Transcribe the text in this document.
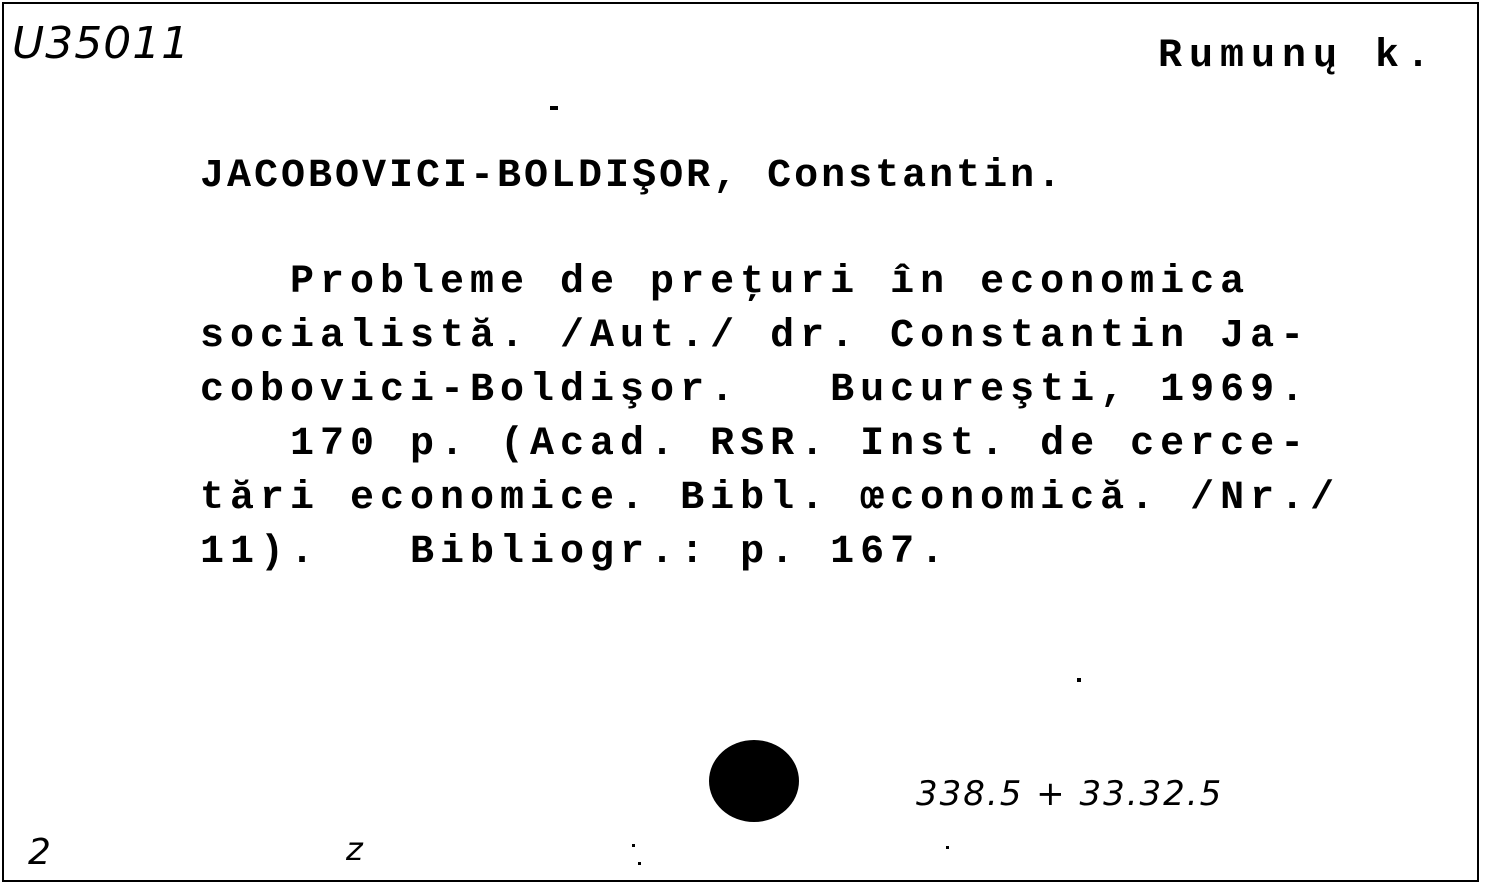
U35011	Rumunų k.
JACOBOVICI-BOLDIŞOR, Constantin.
Probleme de preţuri în economica
socialistă. /Aut./ dr. Constantin Ja-
cobovici-Boldişor.   Bucureşti, 1969.
170 p. (Acad. RSR. Inst. de cerce-
tări economice. Bibl. œconomică. /Nr./
11).   Bibliogr.: p. 167.
338.5 + 33.32.5
2	z
